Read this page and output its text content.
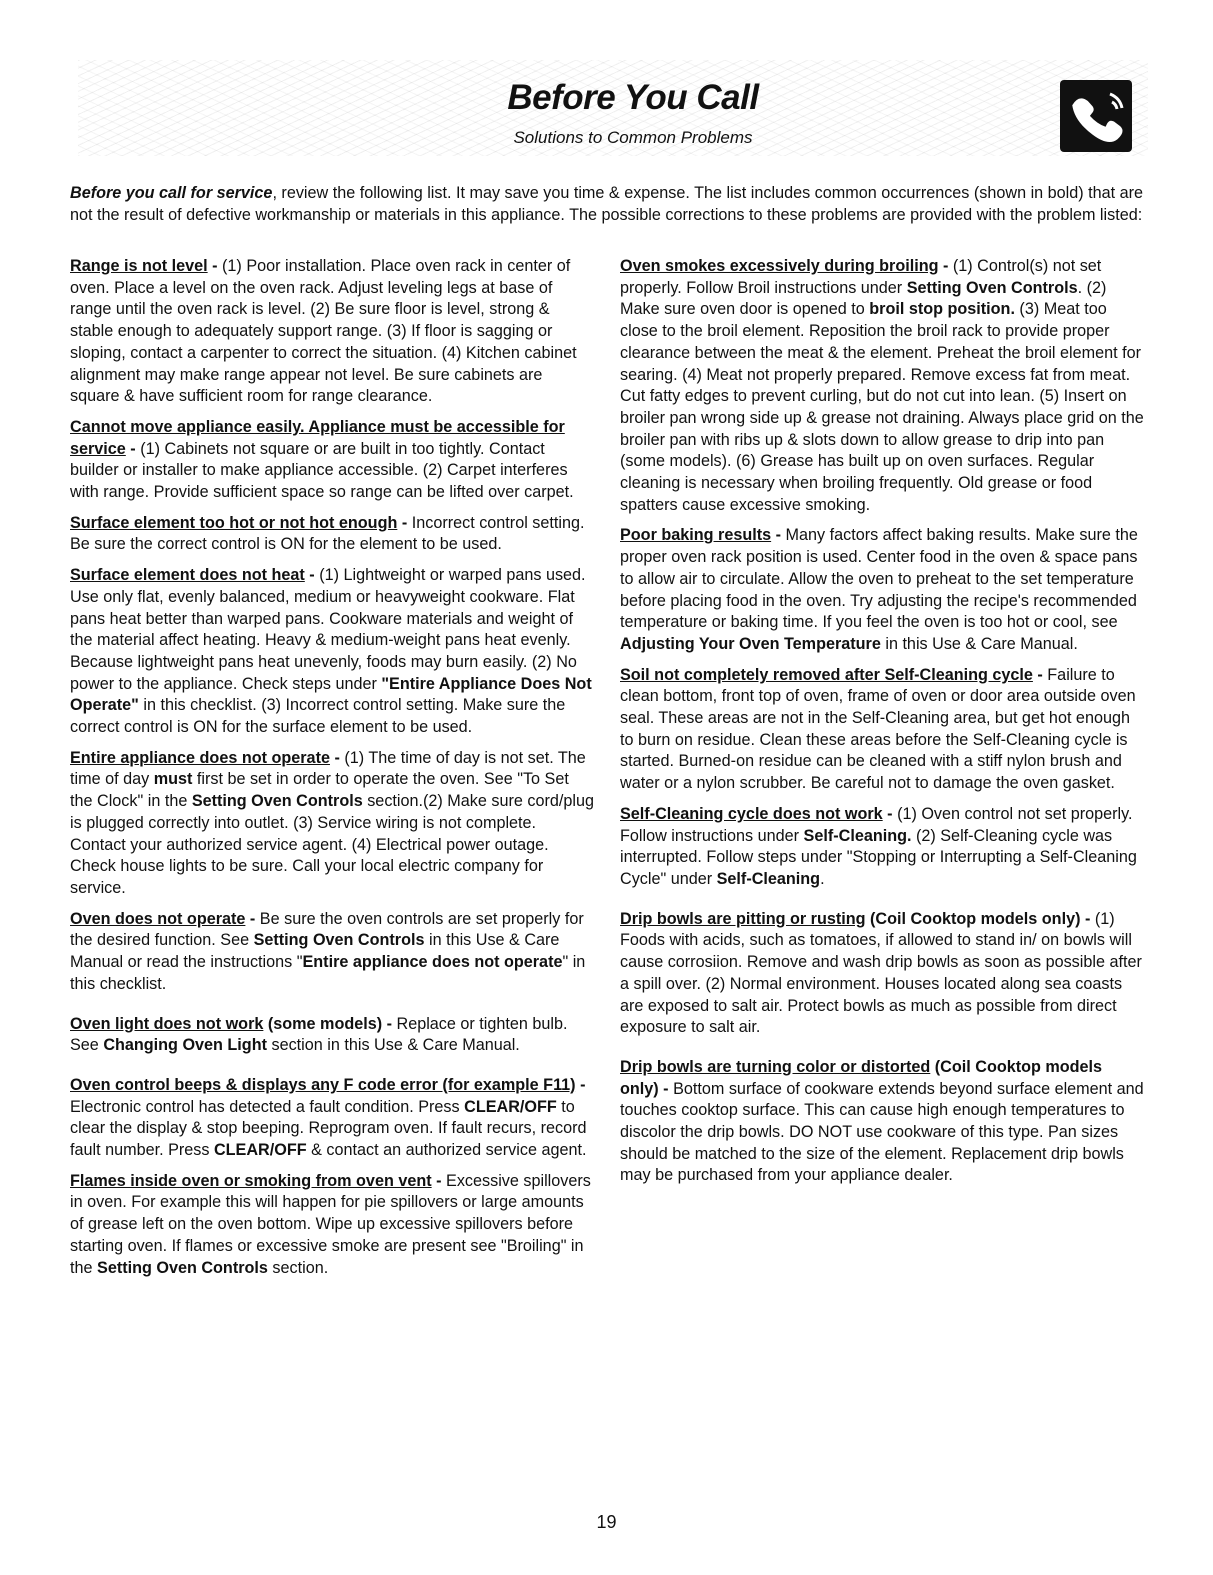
Before You Call
Solutions to Common Problems

Before you call for service, review the following list. It may save you time & expense. The list includes common occurrences (shown in bold) that are not the result of defective workmanship or materials in this appliance. The possible corrections to these problems are provided with the problem listed:

Range is not level - (1) Poor installation. Place oven rack in center of oven. Place a level on the oven rack. Adjust leveling legs at base of range until the oven rack is level. (2) Be sure floor is level, strong & stable enough to adequately support range. (3) If floor is sagging or sloping, contact a carpenter to correct the situation. (4) Kitchen cabinet alignment may make range appear not level. Be sure cabinets are square & have sufficient room for range clearance.

Cannot move appliance easily. Appliance must be accessible for service - (1) Cabinets not square or are built in too tightly. Contact builder or installer to make appliance accessible. (2) Carpet interferes with range. Provide sufficient space so range can be lifted over carpet.

Surface element too hot or not hot enough - Incorrect control setting. Be sure the correct control is ON for the element to be used.

Surface element does not heat - (1) Lightweight or warped pans used. Use only flat, evenly balanced, medium or heavyweight cookware. Flat pans heat better than warped pans. Cookware materials and weight of the material affect heating. Heavy & medium-weight pans heat evenly. Because lightweight pans heat unevenly, foods may burn easily. (2) No power to the appliance. Check steps under "Entire Appliance Does Not Operate" in this checklist. (3) Incorrect control setting. Make sure the correct control is ON for the surface element to be used.

Entire appliance does not operate - (1) The time of day is not set. The time of day must first be set in order to operate the oven. See "To Set the Clock" in the Setting Oven Controls section.(2) Make sure cord/plug is plugged correctly into outlet. (3) Service wiring is not complete. Contact your authorized service agent. (4) Electrical power outage. Check house lights to be sure. Call your local electric company for service.

Oven does not operate - Be sure the oven controls are set properly for the desired function. See Setting Oven Controls in this Use & Care Manual or read the instructions "Entire appliance does not operate" in this checklist.

Oven light does not work (some models) - Replace or tighten bulb. See Changing Oven Light section in this Use & Care Manual.

Oven control beeps & displays any F code error (for example F11) - Electronic control has detected a fault condition. Press CLEAR/OFF to clear the display & stop beeping. Reprogram oven. If fault recurs, record fault number. Press CLEAR/OFF & contact an authorized service agent.

Flames inside oven or smoking from oven vent - Excessive spillovers in oven. For example this will happen for pie spillovers or large amounts of grease left on the oven bottom. Wipe up excessive spillovers before starting oven. If flames or excessive smoke are present see "Broiling" in the Setting Oven Controls section.

Oven smokes excessively during broiling - (1) Control(s) not set properly. Follow Broil instructions under Setting Oven Controls. (2) Make sure oven door is opened to broil stop position. (3) Meat too close to the broil element. Reposition the broil rack to provide proper clearance between the meat & the element. Preheat the broil element for searing. (4) Meat not properly prepared. Remove excess fat from meat. Cut fatty edges to prevent curling, but do not cut into lean. (5) Insert on broiler pan wrong side up & grease not draining. Always place grid on the broiler pan with ribs up & slots down to allow grease to drip into pan (some models). (6) Grease has built up on oven surfaces. Regular cleaning is necessary when broiling frequently. Old grease or food spatters cause excessive smoking.

Poor baking results - Many factors affect baking results. Make sure the proper oven rack position is used. Center food in the oven & space pans to allow air to circulate. Allow the oven to preheat to the set temperature before placing food in the oven. Try adjusting the recipe's recommended temperature or baking time. If you feel the oven is too hot or cool, see Adjusting Your Oven Temperature in this Use & Care Manual.

Soil not completely removed after Self-Cleaning cycle - Failure to clean bottom, front top of oven, frame of oven or door area outside oven seal. These areas are not in the Self-Cleaning area, but get hot enough to burn on residue. Clean these areas before the Self-Cleaning cycle is started. Burned-on residue can be cleaned with a stiff nylon brush and water or a nylon scrubber. Be careful not to damage the oven gasket.

Self-Cleaning cycle does not work - (1) Oven control not set properly. Follow instructions under Self-Cleaning. (2) Self-Cleaning cycle was interrupted. Follow steps under "Stopping or Interrupting a Self-Cleaning Cycle" under Self-Cleaning.

Drip bowls are pitting or rusting (Coil Cooktop models only) - (1) Foods with acids, such as tomatoes, if allowed to stand in/ on bowls will cause corrosiion. Remove and wash drip bowls as soon as possible after a spill over. (2) Normal environment. Houses located along sea coasts are exposed to salt air. Protect bowls as much as possible from direct exposure to salt air.

Drip bowls are turning color or distorted (Coil Cooktop models only) - Bottom surface of cookware extends beyond surface element and touches cooktop surface. This can cause high enough temperatures to discolor the drip bowls. DO NOT use cookware of this type. Pan sizes should be matched to the size of the element. Replacement drip bowls may be purchased from your appliance dealer.

19
